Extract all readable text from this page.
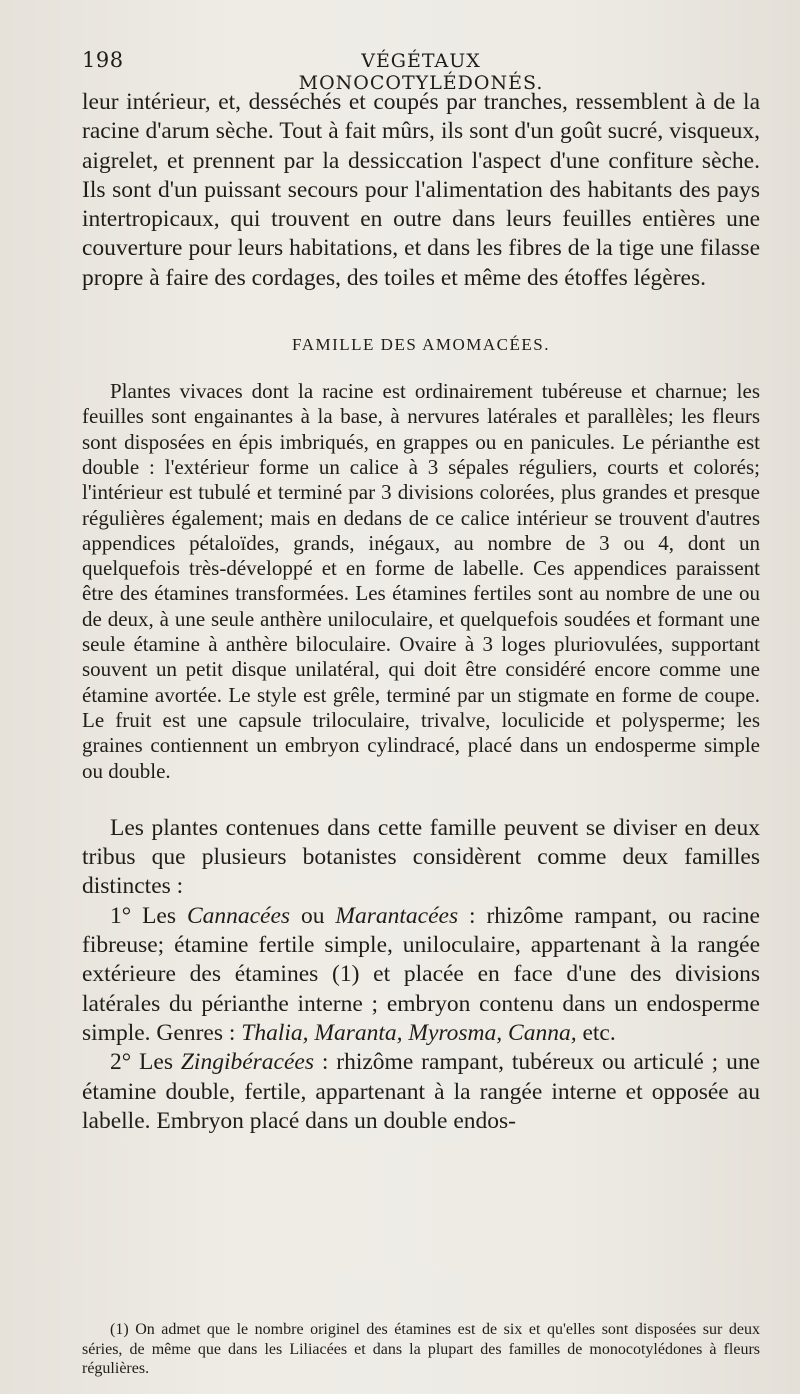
198	VÉGÉTAUX MONOCOTYLÉDONÉS.

leur intérieur, et, desséchés et coupés par tranches, ressemblent à de la racine d'arum sèche. Tout à fait mûrs, ils sont d'un goût sucré, visqueux, aigrelet, et prennent par la dessiccation l'aspect d'une confiture sèche. Ils sont d'un puissant secours pour l'alimentation des habitants des pays intertropicaux, qui trouvent en outre dans leurs feuilles entières une couverture pour leurs habitations, et dans les fibres de la tige une filasse propre à faire des cordages, des toiles et même des étoffes légères.

FAMILLE DES AMOMACÉES.

Plantes vivaces dont la racine est ordinairement tubéreuse et charnue; les feuilles sont engainantes à la base, à nervures latérales et parallèles; les fleurs sont disposées en épis imbriqués, en grappes ou en panicules. Le périanthe est double : l'extérieur forme un calice à 3 sépales réguliers, courts et colorés; l'intérieur est tubulé et terminé par 3 divisions colorées, plus grandes et presque régulières également; mais en dedans de ce calice intérieur se trouvent d'autres appendices pétaloïdes, grands, inégaux, au nombre de 3 ou 4, dont un quelquefois très-développé et en forme de labelle. Ces appendices paraissent être des étamines transformées. Les étamines fertiles sont au nombre de une ou de deux, à une seule anthère uniloculaire, et quelquefois soudées et formant une seule étamine à anthère biloculaire. Ovaire à 3 loges pluriovulées, supportant souvent un petit disque unilatéral, qui doit être considéré encore comme une étamine avortée. Le style est grêle, terminé par un stigmate en forme de coupe. Le fruit est une capsule triloculaire, trivalve, loculicide et polysperme; les graines contiennent un embryon cylindracé, placé dans un endosperme simple ou double.

Les plantes contenues dans cette famille peuvent se diviser en deux tribus que plusieurs botanistes considèrent comme deux familles distinctes :

1° Les Cannacées ou Marantacées : rhizôme rampant, ou racine fibreuse; étamine fertile simple, uniloculaire, appartenant à la rangée extérieure des étamines (1) et placée en face d'une des divisions latérales du périanthe interne ; embryon contenu dans un endosperme simple. Genres : Thalia, Maranta, Myrosma, Canna, etc.

2° Les Zingibéracées : rhizôme rampant, tubéreux ou articulé ; une étamine double, fertile, appartenant à la rangée interne et opposée au labelle. Embryon placé dans un double endos-

(1) On admet que le nombre originel des étamines est de six et qu'elles sont disposées sur deux séries, de même que dans les Liliacées et dans la plupart des familles de monocotylédones à fleurs régulières.
